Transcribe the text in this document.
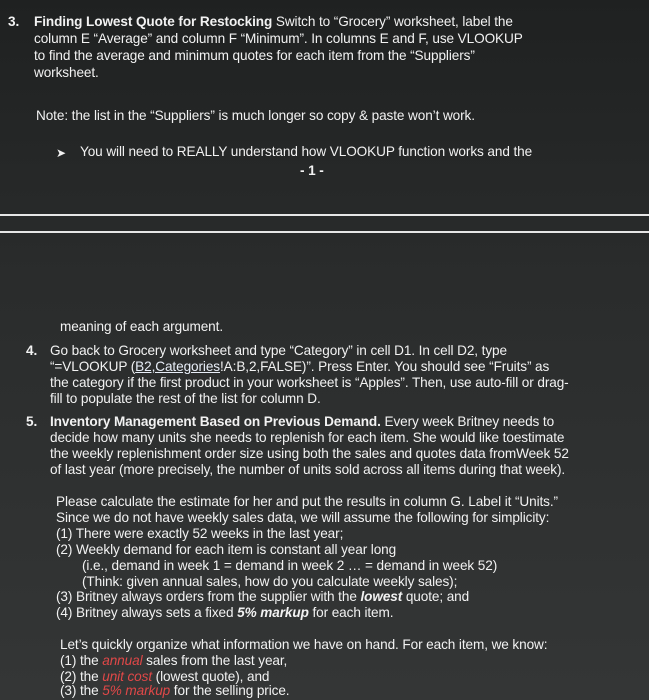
3. Finding Lowest Quote for Restocking Switch to “Grocery” worksheet, label the
column E “Average” and column F “Minimum”. In columns E and F, use VLOOKUP
to find the average and minimum quotes for each item from the “Suppliers”
worksheet.
Note: the list in the “Suppliers” is much longer so copy & paste won’t work.
➤ You will need to REALLY understand how VLOOKUP function works and the
- 1 -
meaning of each argument.
4. Go back to Grocery worksheet and type “Category” in cell D1. In cell D2, type
“=VLOOKUP (B2,Categories!A:B,2,FALSE)”. Press Enter. You should see “Fruits” as
the category if the first product in your worksheet is “Apples”. Then, use auto-fill or drag-
fill to populate the rest of the list for column D.
5. Inventory Management Based on Previous Demand. Every week Britney needs to
decide how many units she needs to replenish for each item. She would like toestimate
the weekly replenishment order size using both the sales and quotes data fromWeek 52
of last year (more precisely, the number of units sold across all items during that week).
Please calculate the estimate for her and put the results in column G. Label it “Units.”
Since we do not have weekly sales data, we will assume the following for simplicity:
(1) There were exactly 52 weeks in the last year;
(2) Weekly demand for each item is constant all year long
(i.e., demand in week 1 = demand in week 2 … = demand in week 52)
(Think: given annual sales, how do you calculate weekly sales);
(3) Britney always orders from the supplier with the lowest quote; and
(4) Britney always sets a fixed 5% markup for each item.
Let’s quickly organize what information we have on hand. For each item, we know:
(1) the annual sales from the last year,
(2) the unit cost (lowest quote), and
(3) the 5% markup for the selling price.
